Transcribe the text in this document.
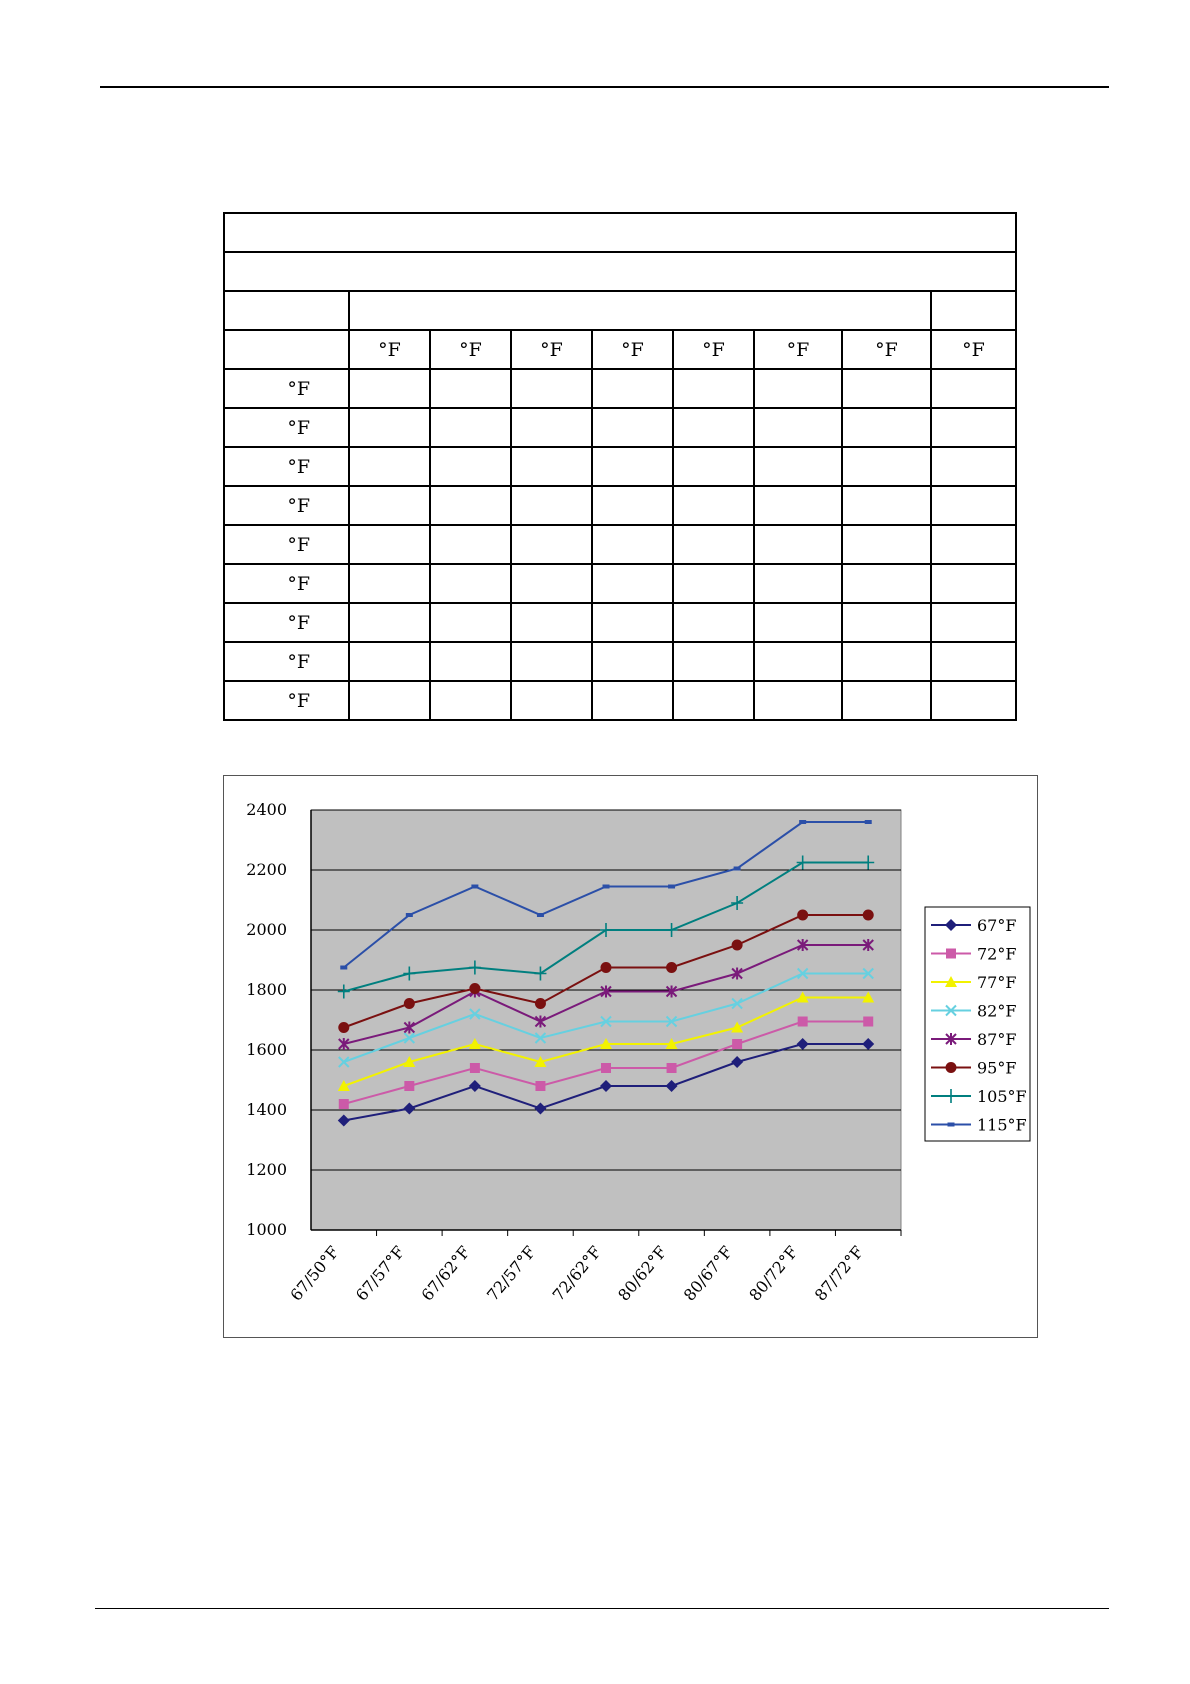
	°F	°F	°F	°F	°F	°F	°F	°F
°F								
°F								
°F								
°F								
°F								
°F								
°F								
°F								
°F								
1000
1200
1400
1600
1800
2000
2200
2400
67/50°F 67/57°F 67/62°F 72/57°F 72/62°F 80/62°F 80/67°F 80/72°F 87/72°F
67°F
72°F
77°F
82°F
87°F
95°F
105°F
115°F
